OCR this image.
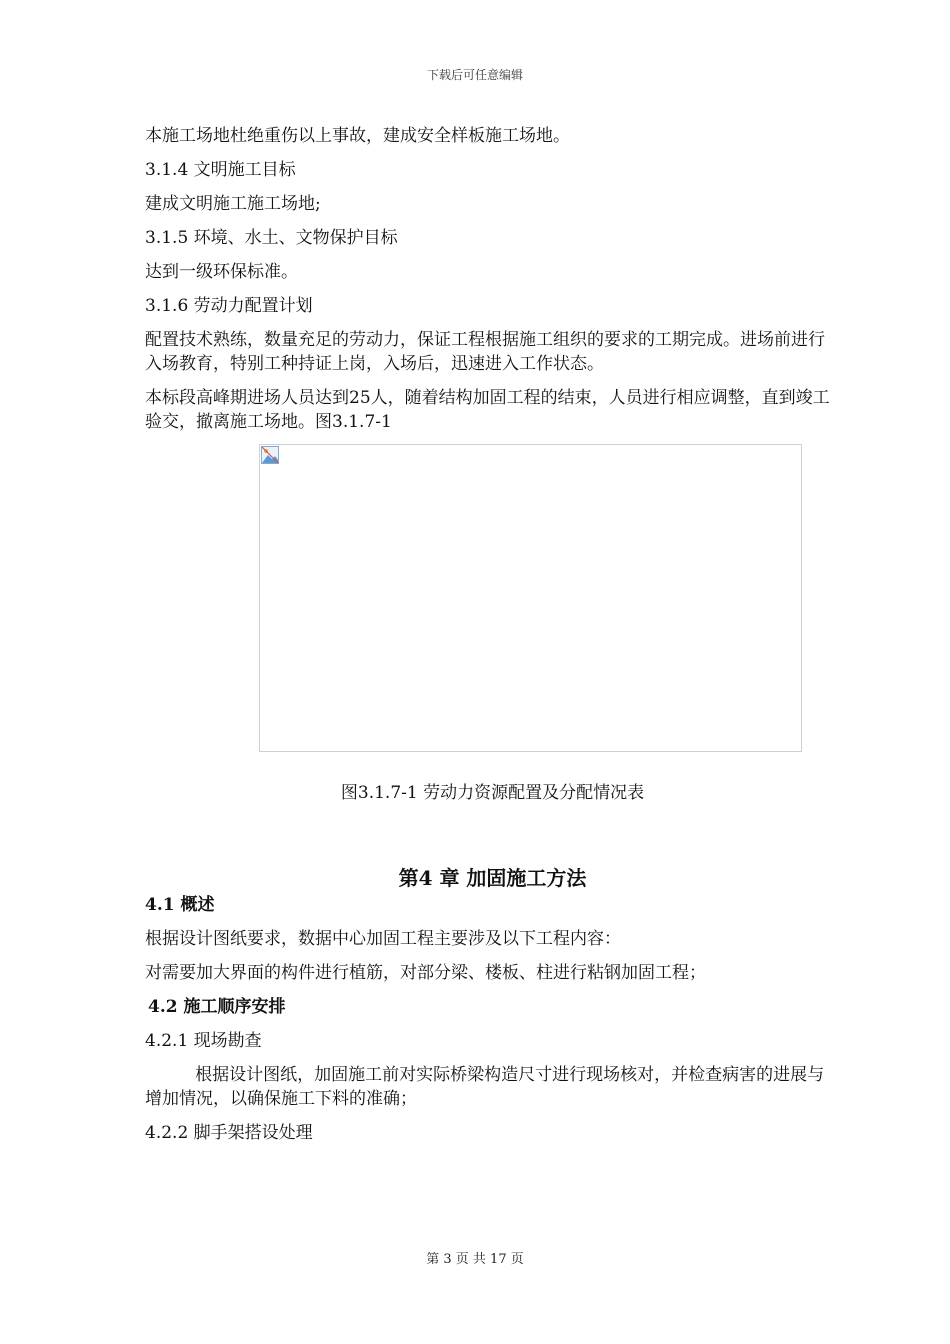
下载后可任意编辑

本施工场地杜绝重伤以上事故，建成安全样板施工场地。

3.1.4 文明施工目标

建成文明施工施工场地;

3.1.5 环境、水土、文物保护目标

达到一级环保标准。

3.1.6 劳动力配置计划

配置技术熟练，数量充足的劳动力，保证工程根据施工组织的要求的工期完成。进场前进行入场教育，特别工种持证上岗，入场后，迅速进入工作状态。

本标段高峰期进场人员达到25人，随着结构加固工程的结束，人员进行相应调整，直到竣工验交，撤离施工场地。图3.1.7-1

图3.1.7-1 劳动力资源配置及分配情况表

第4 章 加固施工方法
4.1 概述

根据设计图纸要求，数据中心加固工程主要涉及以下工程内容：

对需要加大界面的构件进行植筋，对部分梁、楼板、柱进行粘钢加固工程；

4.2 施工顺序安排

4.2.1 现场勘查

根据设计图纸，加固施工前对实际桥梁构造尺寸进行现场核对，并检查病害的进展与增加情况，以确保施工下料的准确；

4.2.2 脚手架搭设处理

第 3 页 共 17 页
